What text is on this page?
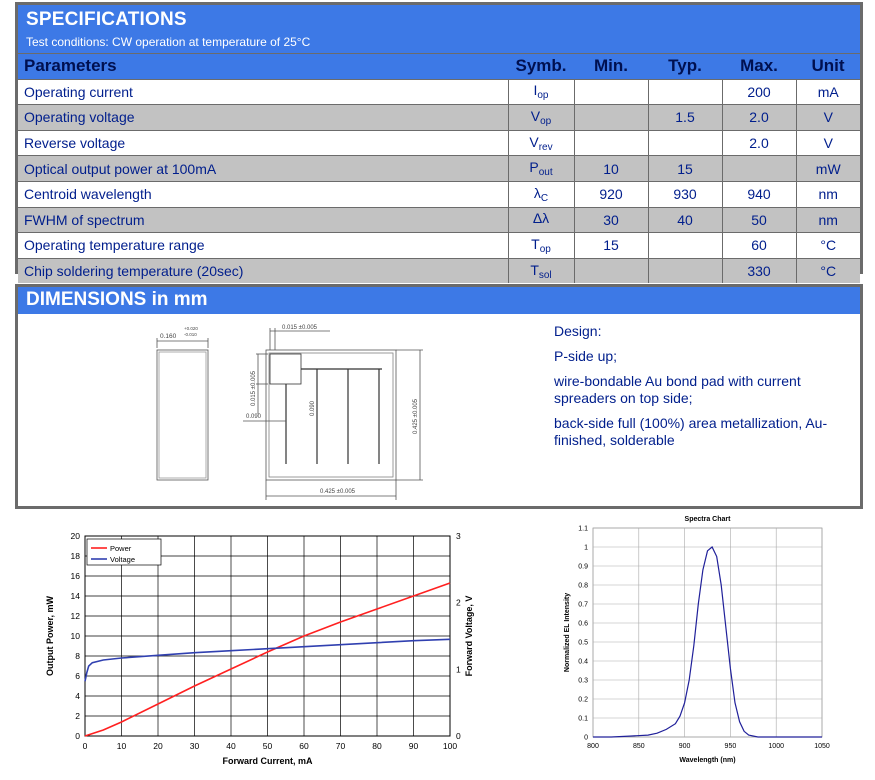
SPECIFICATIONS
Test conditions: CW operation at temperature of 25°C
Parameters	Symb.	Min.	Typ.	Max.	Unit
Operating current	$I_{op}$			200	mA
Operating voltage	$V_{op}$		1.5	2.0	V
Reverse voltage	$V_{rev}$			2.0	V
Optical output power at 100mA	$P_{out}$	10	15		mW
Centroid wavelength	$\lambda_C$	920	930	940	nm
FWHM of spectrum	Δλ	30	40	50	nm
Operating temperature range	$T_{op}$	15		60	°C
Chip soldering temperature (20sec)	$T_{sol}$			330	°C
DIMENSIONS in mm
0.160
+0.020
-0.010
0.015 ±0.005
0.015 ±0.005
0.090
0.090	0.425 ±0.005
0.425 ±0.005
Design:
P-side up;
wire-bondable Au bond pad with current spreaders on top side;
back-side full (100%) area metallization, Au-finished, solderable
0	10	20	30	40	50	60	70	80	90	100
0
2
4
6
8
10
12
14
16
18
20
0
1
2
3
Power
Voltage
Forward Current, mA
Output Power, mW	Forward Voltage, V
Spectra Chart
800	850	900	950	1000	1050
0
0.1
0.2
0.3
0.4
0.5
0.6
0.7
0.8
0.9
1
1.1
Wavelength (nm)
Normalized EL Intensity
